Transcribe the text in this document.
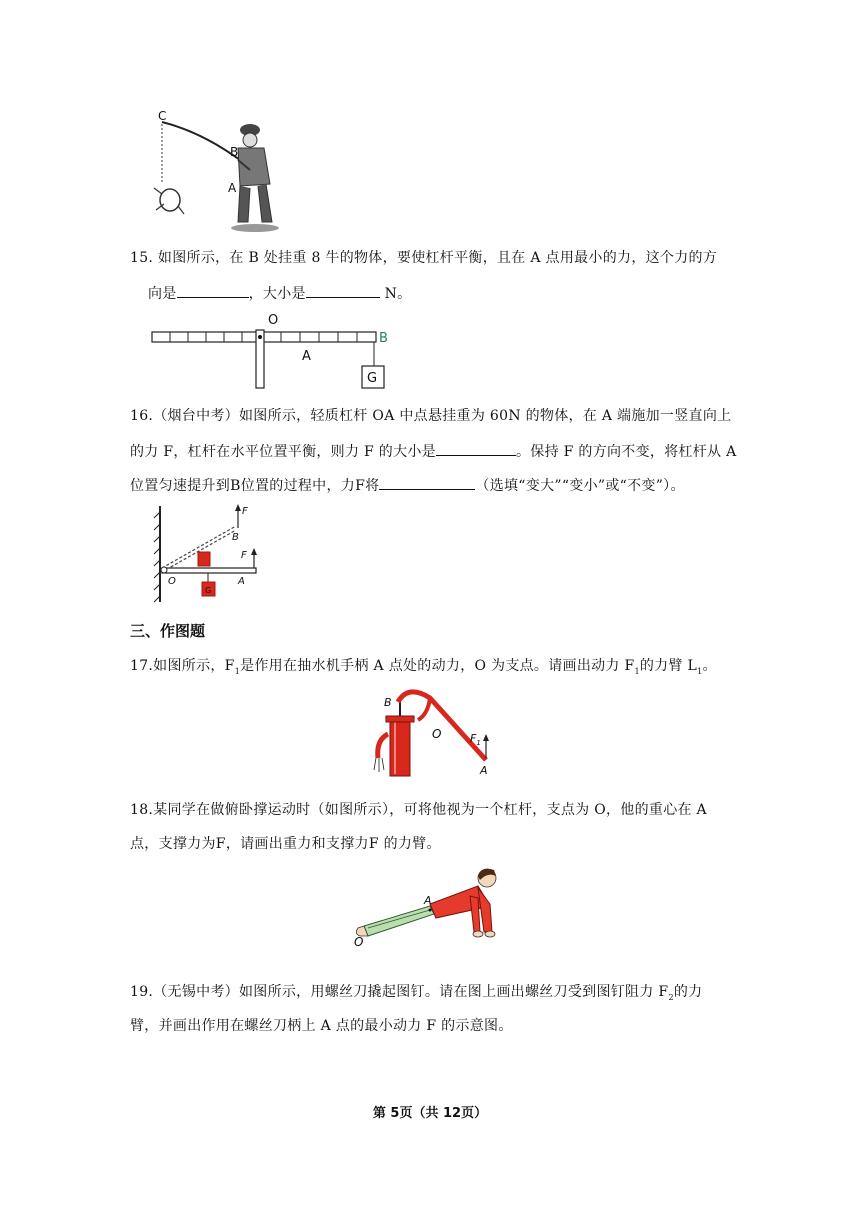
C
B
A
15. 如图所示，在 B 处挂重 8 牛的物体，要使杠杆平衡，且在 A 点用最小的力，这个力的方
向是	，大小是	N。
O
A
B
G
16.（烟台中考）如图所示，轻质杠杆 OA 中点悬挂重为 60N 的物体，在 A 端施加一竖直向上
的力 F，杠杆在水平位置平衡，则力 F 的大小是	。保持 F 的方向不变，将杠杆从 A
位置匀速提升到B位置的过程中，力F将	（选填“变大”“变小”或“不变”）。
F
B
F
O	A
G
三、作图题
17.如图所示，$F_1$是作用在抽水机手柄 A 点处的动力，O 为支点。请画出动力 $F_1$的力臂 $L_1$。
B
O	$F_1$
A
18.某同学在做俯卧撑运动时（如图所示），可将他视为一个杠杆，支点为 O，他的重心在 A
点，支撑力为F，请画出重力和支撑力F 的力臂。
A
O
19.（无锡中考）如图所示，用螺丝刀撬起图钉。请在图上画出螺丝刀受到图钉阻力 $F_2$的力
臂，并画出作用在螺丝刀柄上 A 点的最小动力 F 的示意图。
第 5页（共 12页）
